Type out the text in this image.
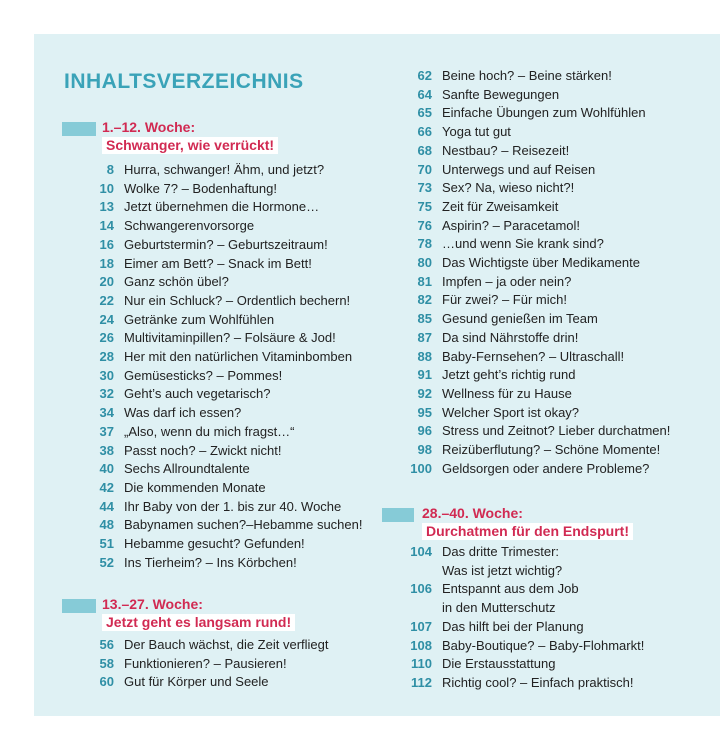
INHALTSVERZEICHNIS
1.–12. Woche:
Schwanger, wie verrückt!
8 Hurra, schwanger! Ähm, und jetzt?
10 Wolke 7? – Bodenhaftung!
13 Jetzt übernehmen die Hormone…
14 Schwangerenvorsorge
16 Geburtstermin? – Geburtszeitraum!
18 Eimer am Bett? – Snack im Bett!
20 Ganz schön übel?
22 Nur ein Schluck? – Ordentlich bechern!
24 Getränke zum Wohlfühlen
26 Multivitaminpillen? – Folsäure & Jod!
28 Her mit den natürlichen Vitaminbomben
30 Gemüsesticks? – Pommes!
32 Geht’s auch vegetarisch?
34 Was darf ich essen?
37 „Also, wenn du mich fragst…“
38 Passt noch? – Zwickt nicht!
40 Sechs Allroundtalente
42 Die kommenden Monate
44 Ihr Baby von der 1. bis zur 40. Woche
48 Babynamen suchen?–Hebamme suchen!
51 Hebamme gesucht? Gefunden!
52 Ins Tierheim? – Ins Körbchen!
13.–27. Woche:
Jetzt geht es langsam rund!
56 Der Bauch wächst, die Zeit verfliegt
58 Funktionieren? – Pausieren!
60 Gut für Körper und Seele
62 Beine hoch? – Beine stärken!
64 Sanfte Bewegungen
65 Einfache Übungen zum Wohlfühlen
66 Yoga tut gut
68 Nestbau? – Reisezeit!
70 Unterwegs und auf Reisen
73 Sex? Na, wieso nicht?!
75 Zeit für Zweisamkeit
76 Aspirin? – Paracetamol!
78 …und wenn Sie krank sind?
80 Das Wichtigste über Medikamente
81 Impfen – ja oder nein?
82 Für zwei? – Für mich!
85 Gesund genießen im Team
87 Da sind Nährstoffe drin!
88 Baby-Fernsehen? – Ultraschall!
91 Jetzt geht’s richtig rund
92 Wellness für zu Hause
95 Welcher Sport ist okay?
96 Stress und Zeitnot? Lieber durchatmen!
98 Reizüberflutung? – Schöne Momente!
100 Geldsorgen oder andere Probleme?
28.–40. Woche:
Durchatmen für den Endspurt!
104 Das dritte Trimester:
Was ist jetzt wichtig?
106 Entspannt aus dem Job
in den Mutterschutz
107 Das hilft bei der Planung
108 Baby-Boutique? – Baby-Flohmarkt!
110 Die Erstausstattung
112 Richtig cool? – Einfach praktisch!
